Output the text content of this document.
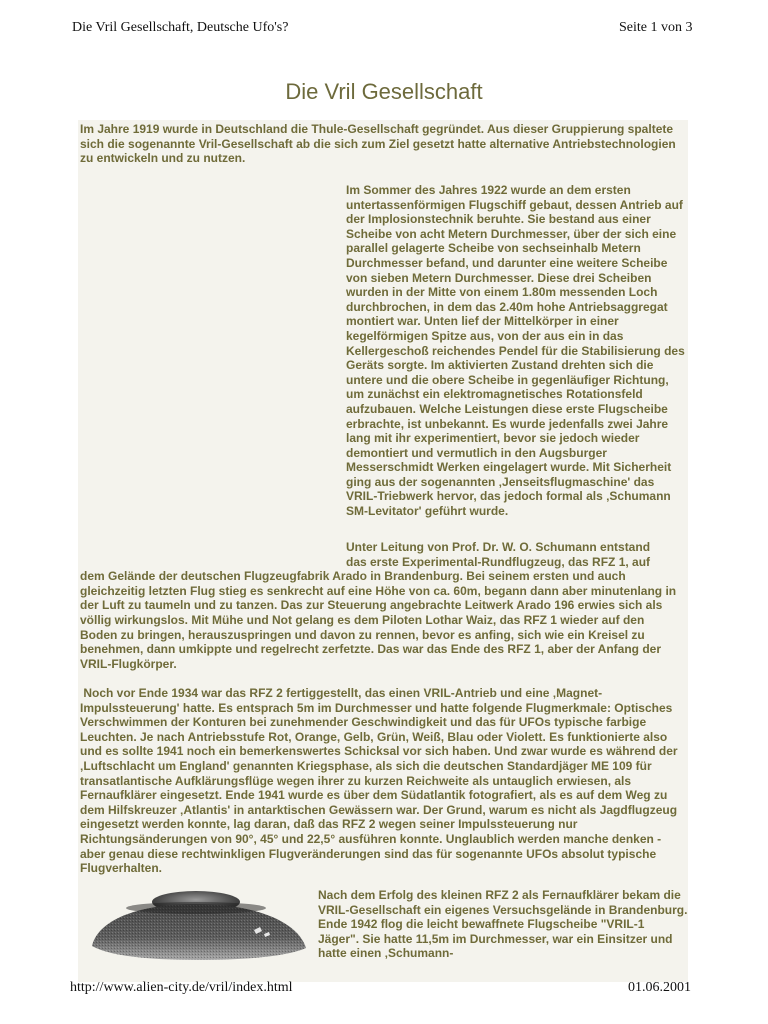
Die Vril Gesellschaft, Deutsche Ufo's?	Seite 1 von 3
Die Vril Gesellschaft

Im Jahre 1919 wurde in Deutschland die Thule-Gesellschaft gegründet. Aus dieser Gruppierung spaltete sich die sogenannte Vril-Gesellschaft ab die sich zum Ziel gesetzt hatte alternative Antriebstechnologien zu entwickeln und zu nutzen.

Im Sommer des Jahres 1922 wurde an dem ersten untertassenförmigen Flugschiff gebaut, dessen Antrieb auf der Implosionstechnik beruhte. Sie bestand aus einer Scheibe von acht Metern Durchmesser, über der sich eine parallel gelagerte Scheibe von sechseinhalb Metern Durchmesser befand, und darunter eine weitere Scheibe von sieben Metern Durchmesser. Diese drei Scheiben wurden in der Mitte von einem 1.80m messenden Loch durchbrochen, in dem das 2.40m hohe Antriebsaggregat montiert war. Unten lief der Mittelkörper in einer kegelförmigen Spitze aus, von der aus ein in das Kellergeschoß reichendes Pendel für die Stabilisierung des Geräts sorgte. Im aktivierten Zustand drehten sich die untere und die obere Scheibe in gegenläufiger Richtung, um zunächst ein elektromagnetisches Rotationsfeld aufzubauen. Welche Leistungen diese erste Flugscheibe erbrachte, ist unbekannt. Es wurde jedenfalls zwei Jahre lang mit ihr experimentiert, bevor sie jedoch wieder demontiert und vermutlich in den Augsburger Messerschmidt Werken eingelagert wurde. Mit Sicherheit ging aus der sogenannten ‚Jenseitsflugmaschine' das VRIL-Triebwerk hervor, das jedoch formal als ‚Schumann SM-Levitator' geführt wurde.

Unter Leitung von Prof. Dr. W. O. Schumann entstand
das erste Experimental-Rundflugzeug, das RFZ 1, auf
dem Gelände der deutschen Flugzeugfabrik Arado in Brandenburg. Bei seinem ersten und auch gleichzeitig letzten Flug stieg es senkrecht auf eine Höhe von ca. 60m, begann dann aber minutenlang in der Luft zu taumeln und zu tanzen. Das zur Steuerung angebrachte Leitwerk Arado 196 erwies sich als völlig wirkungslos. Mit Mühe und Not gelang es dem Piloten Lothar Waiz, das RFZ 1 wieder auf den Boden zu bringen, herauszuspringen und davon zu rennen, bevor es anfing, sich wie ein Kreisel zu benehmen, dann umkippte und regelrecht zerfetzte. Das war das Ende des RFZ 1, aber der Anfang der VRIL-Flugkörper.

Noch vor Ende 1934 war das RFZ 2 fertiggestellt, das einen VRIL-Antrieb und eine ‚Magnet-Impulssteuerung' hatte. Es entsprach 5m im Durchmesser und hatte folgende Flugmerkmale: Optisches Verschwimmen der Konturen bei zunehmender Geschwindigkeit und das für UFOs typische farbige Leuchten. Je nach Antriebsstufe Rot, Orange, Gelb, Grün, Weiß, Blau oder Violett. Es funktionierte also und es sollte 1941 noch ein bemerkenswertes Schicksal vor sich haben. Und zwar wurde es während der ‚Luftschlacht um England' genannten Kriegsphase, als sich die deutschen Standardjäger ME 109 für transatlantische Aufklärungsflüge wegen ihrer zu kurzen Reichweite als untauglich erwiesen, als Fernaufklärer eingesetzt. Ende 1941 wurde es über dem Südatlantik fotografiert, als es auf dem Weg zu dem Hilfskreuzer ‚Atlantis' in antarktischen Gewässern war. Der Grund, warum es nicht als Jagdflugzeug eingesetzt werden konnte, lag daran, daß das RFZ 2 wegen seiner Impulssteuerung nur Richtungsänderungen von 90°, 45° und 22,5° ausführen konnte. Unglaublich werden manche denken - aber genau diese rechtwinkligen Flugveränderungen sind das für sogenannte UFOs absolut typische Flugverhalten.

Nach dem Erfolg des kleinen RFZ 2 als Fernaufklärer bekam die VRIL-Gesellschaft ein eigenes Versuchsgelände in Brandenburg. Ende 1942 flog die leicht bewaffnete Flugscheibe "VRIL-1 Jäger". Sie hatte 11,5m im Durchmesser, war ein Einsitzer und hatte einen ‚Schumann-

http://www.alien-city.de/vril/index.html	01.06.2001
